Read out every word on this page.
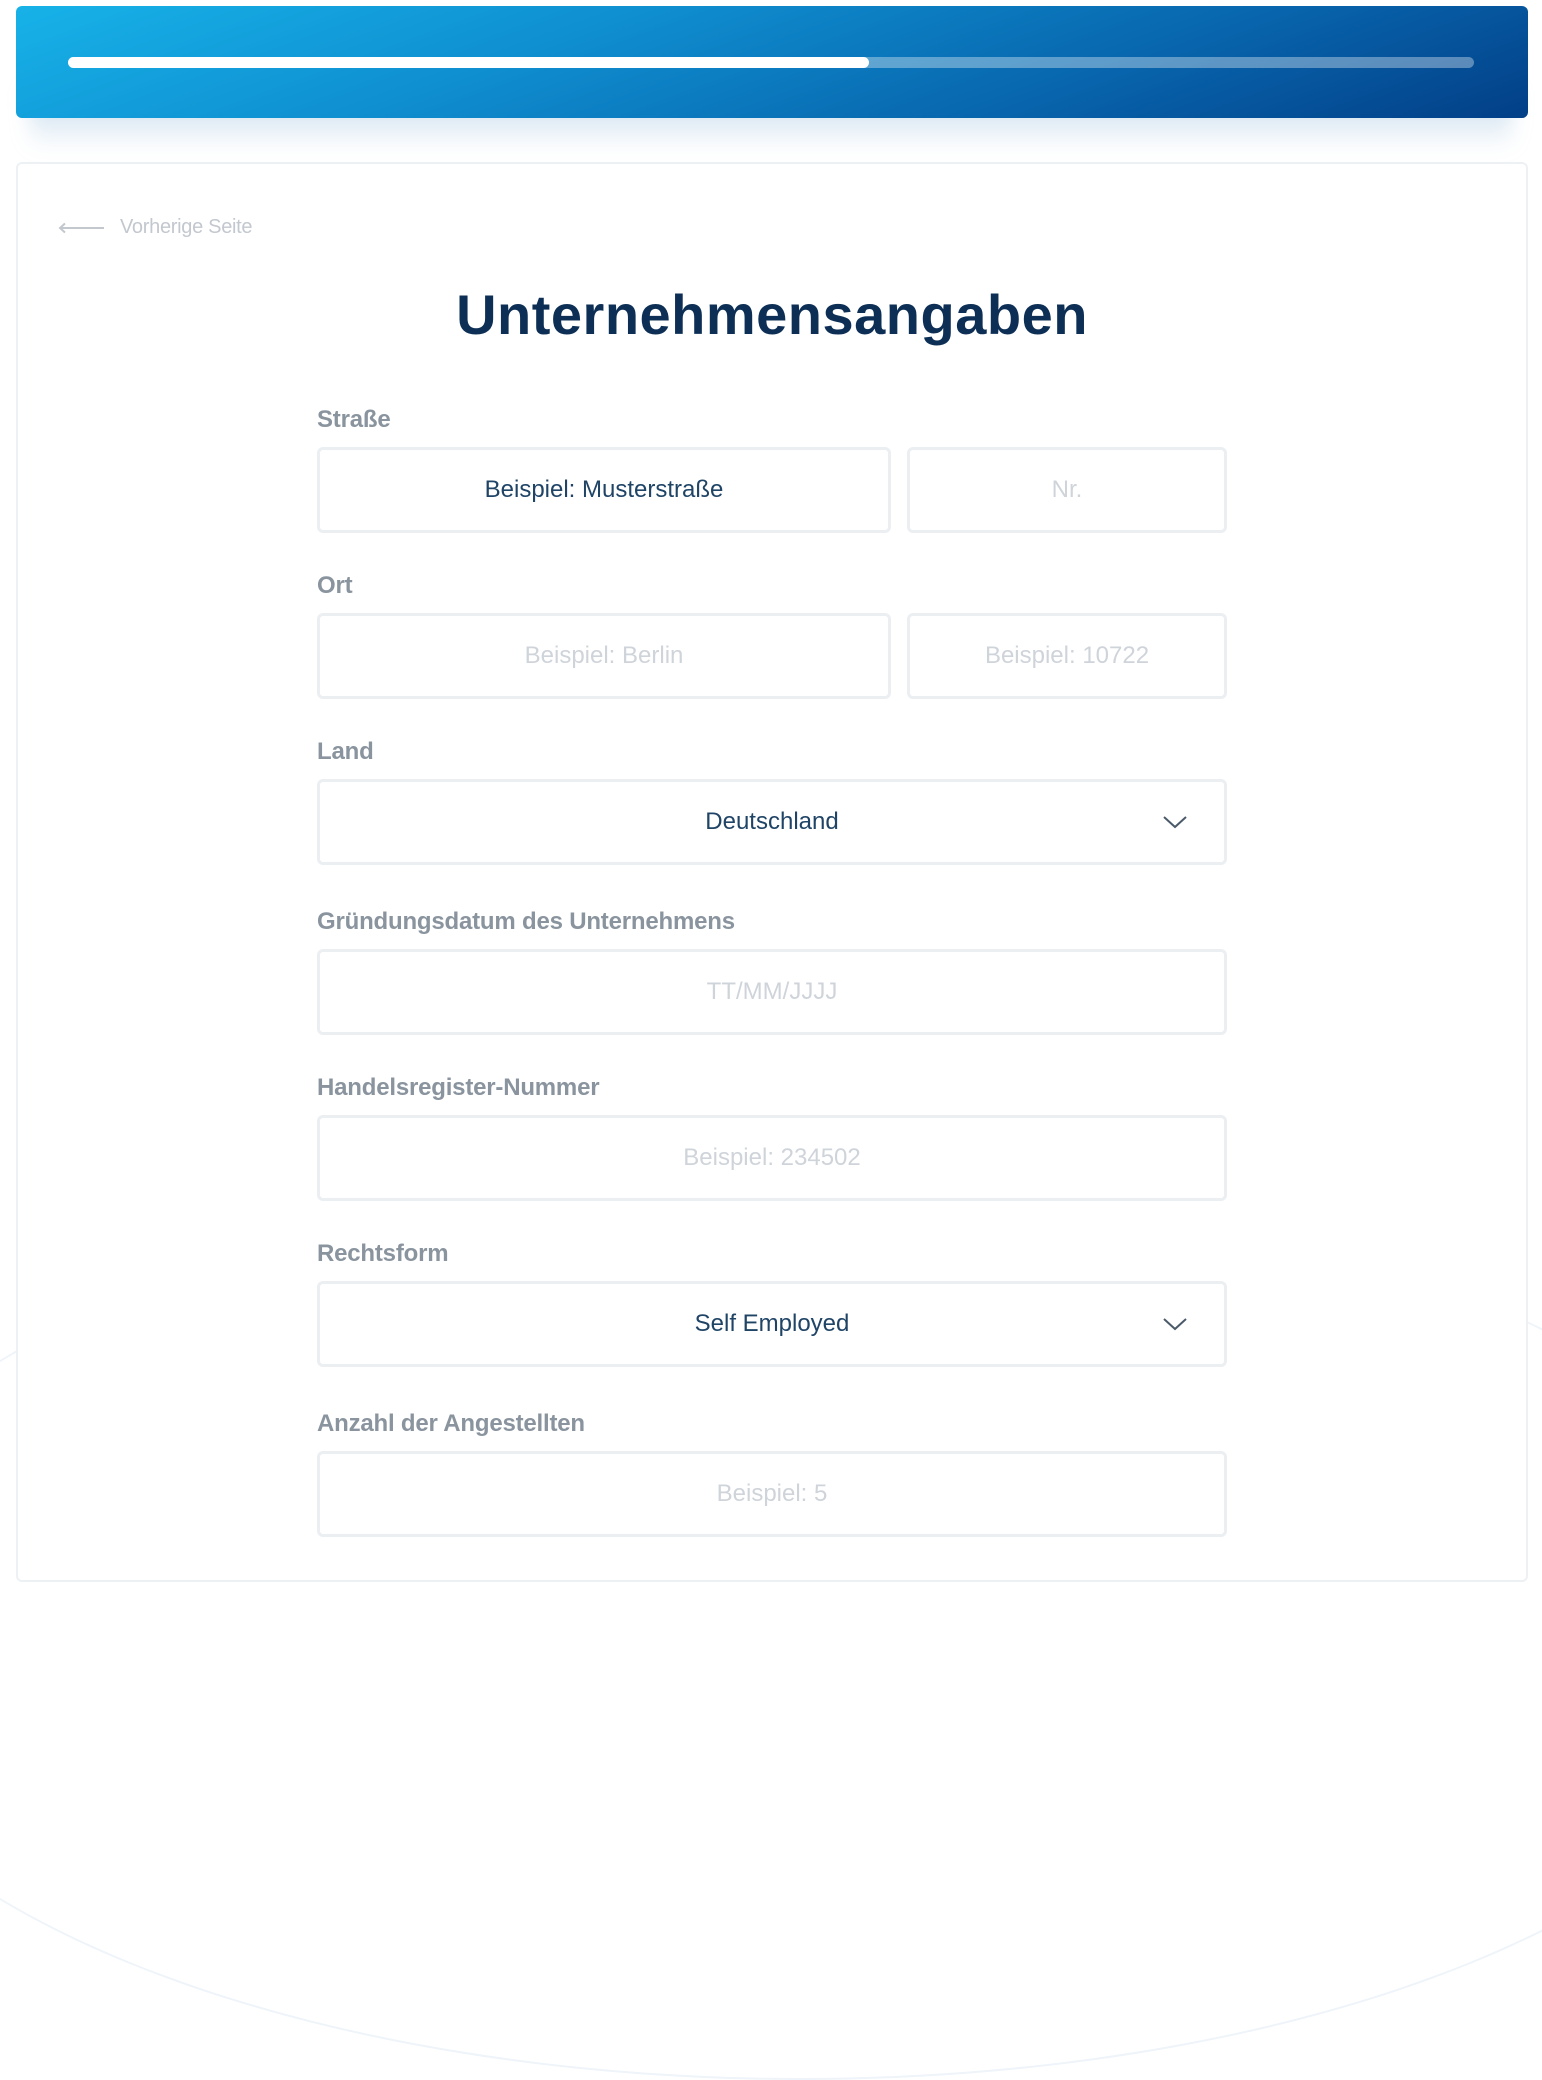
Vorherige Seite
Unternehmensangaben
Straße
Beispiel: Musterstraße	Nr.
Ort
Beispiel: Berlin	Beispiel: 10722
Land
Deutschland
Gründungsdatum des Unternehmens
TT/MM/JJJJ
Handelsregister-Nummer
Beispiel: 234502
Rechtsform
Self Employed
Anzahl der Angestellten
Beispiel: 5
